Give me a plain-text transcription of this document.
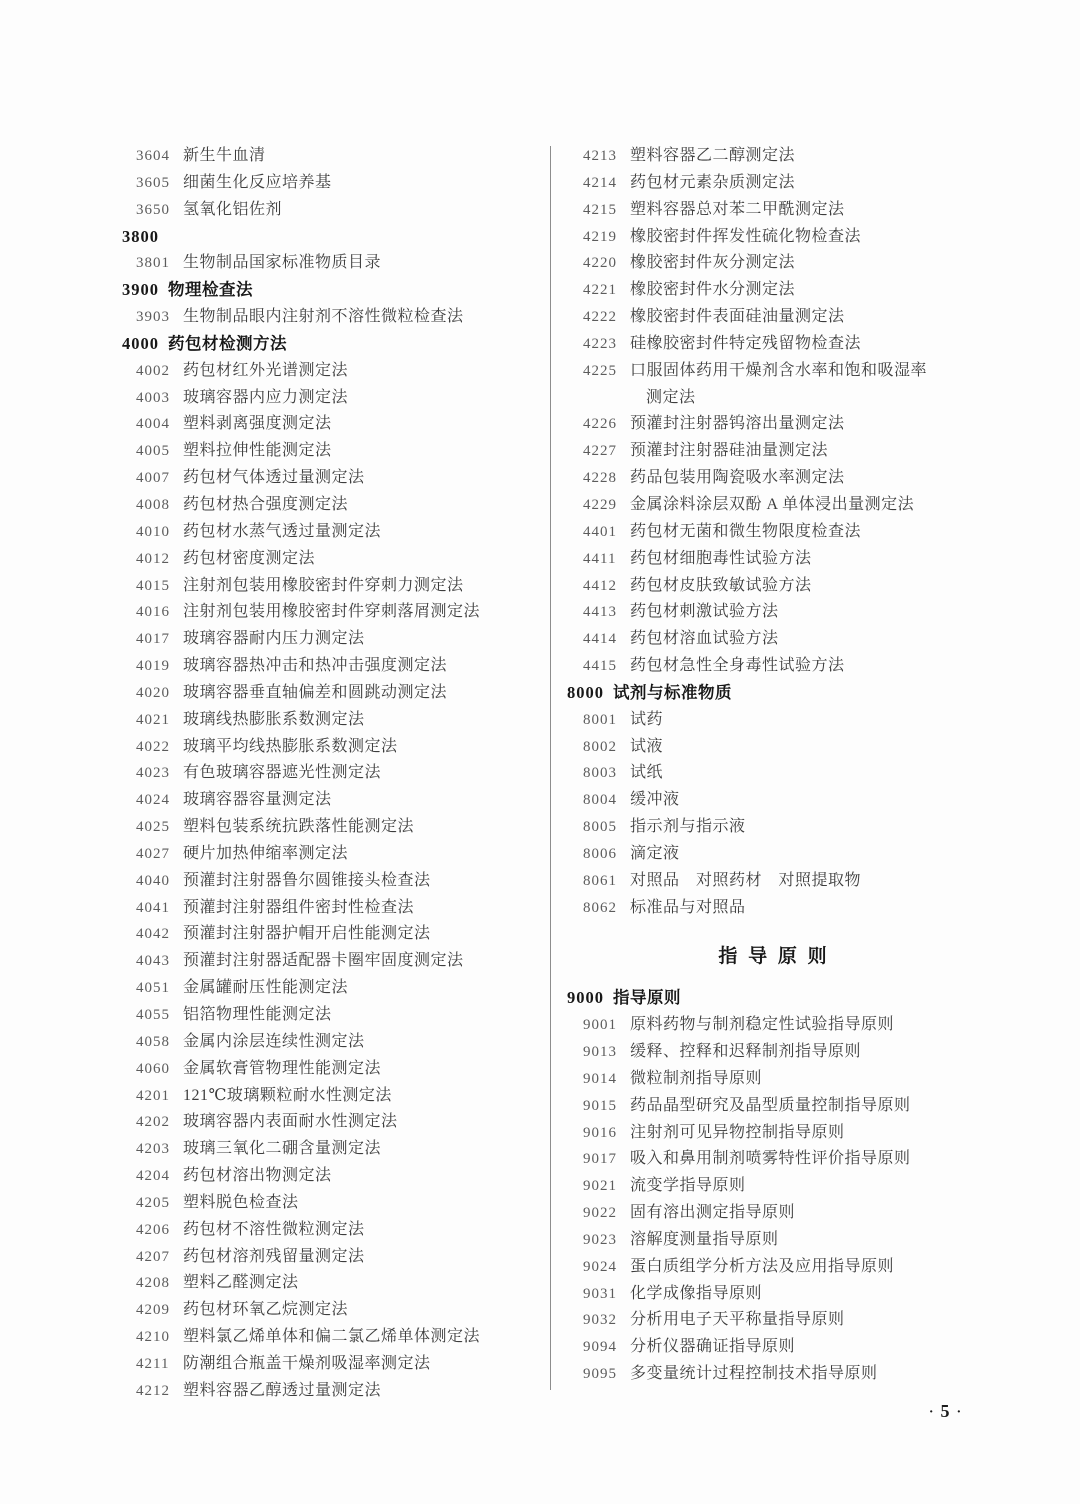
3604 新生牛血清
3605 细菌生化反应培养基
3650 氢氧化铝佐剂
3800
3801 生物制品国家标准物质目录
3900 物理检查法
3903 生物制品眼内注射剂不溶性微粒检查法
4000 药包材检测方法
4002 药包材红外光谱测定法
4003 玻璃容器内应力测定法
4004 塑料剥离强度测定法
4005 塑料拉伸性能测定法
4007 药包材气体透过量测定法
4008 药包材热合强度测定法
4010 药包材水蒸气透过量测定法
4012 药包材密度测定法
4015 注射剂包装用橡胶密封件穿刺力测定法
4016 注射剂包装用橡胶密封件穿刺落屑测定法
4017 玻璃容器耐内压力测定法
4019 玻璃容器热冲击和热冲击强度测定法
4020 玻璃容器垂直轴偏差和圆跳动测定法
4021 玻璃线热膨胀系数测定法
4022 玻璃平均线热膨胀系数测定法
4023 有色玻璃容器遮光性测定法
4024 玻璃容器容量测定法
4025 塑料包装系统抗跌落性能测定法
4027 硬片加热伸缩率测定法
4040 预灌封注射器鲁尔圆锥接头检查法
4041 预灌封注射器组件密封性检查法
4042 预灌封注射器护帽开启性能测定法
4043 预灌封注射器适配器卡圈牢固度测定法
4051 金属罐耐压性能测定法
4055 铝箔物理性能测定法
4058 金属内涂层连续性测定法
4060 金属软膏管物理性能测定法
4201 121℃玻璃颗粒耐水性测定法
4202 玻璃容器内表面耐水性测定法
4203 玻璃三氧化二硼含量测定法
4204 药包材溶出物测定法
4205 塑料脱色检查法
4206 药包材不溶性微粒测定法
4207 药包材溶剂残留量测定法
4208 塑料乙醛测定法
4209 药包材环氧乙烷测定法
4210 塑料氯乙烯单体和偏二氯乙烯单体测定法
4211 防潮组合瓶盖干燥剂吸湿率测定法
4212 塑料容器乙醇透过量测定法
4213 塑料容器乙二醇测定法
4214 药包材元素杂质测定法
4215 塑料容器总对苯二甲酰测定法
4219 橡胶密封件挥发性硫化物检查法
4220 橡胶密封件灰分测定法
4221 橡胶密封件水分测定法
4222 橡胶密封件表面硅油量测定法
4223 硅橡胶密封件特定残留物检查法
4225 口服固体药用干燥剂含水率和饱和吸湿率
测定法
4226 预灌封注射器钨溶出量测定法
4227 预灌封注射器硅油量测定法
4228 药品包装用陶瓷吸水率测定法
4229 金属涂料涂层双酚 A 单体浸出量测定法
4401 药包材无菌和微生物限度检查法
4411 药包材细胞毒性试验方法
4412 药包材皮肤致敏试验方法
4413 药包材刺激试验方法
4414 药包材溶血试验方法
4415 药包材急性全身毒性试验方法
8000 试剂与标准物质
8001 试药
8002 试液
8003 试纸
8004 缓冲液
8005 指示剂与指示液
8006 滴定液
8061 对照品　对照药材　对照提取物
8062 标准品与对照品
指 导 原 则
9000 指导原则
9001 原料药物与制剂稳定性试验指导原则
9013 缓释、控释和迟释制剂指导原则
9014 微粒制剂指导原则
9015 药品晶型研究及晶型质量控制指导原则
9016 注射剂可见异物控制指导原则
9017 吸入和鼻用制剂喷雾特性评价指导原则
9021 流变学指导原则
9022 固有溶出测定指导原则
9023 溶解度测量指导原则
9024 蛋白质组学分析方法及应用指导原则
9031 化学成像指导原则
9032 分析用电子天平称量指导原则
9094 分析仪器确证指导原则
9095 多变量统计过程控制技术指导原则
· 5 ·
